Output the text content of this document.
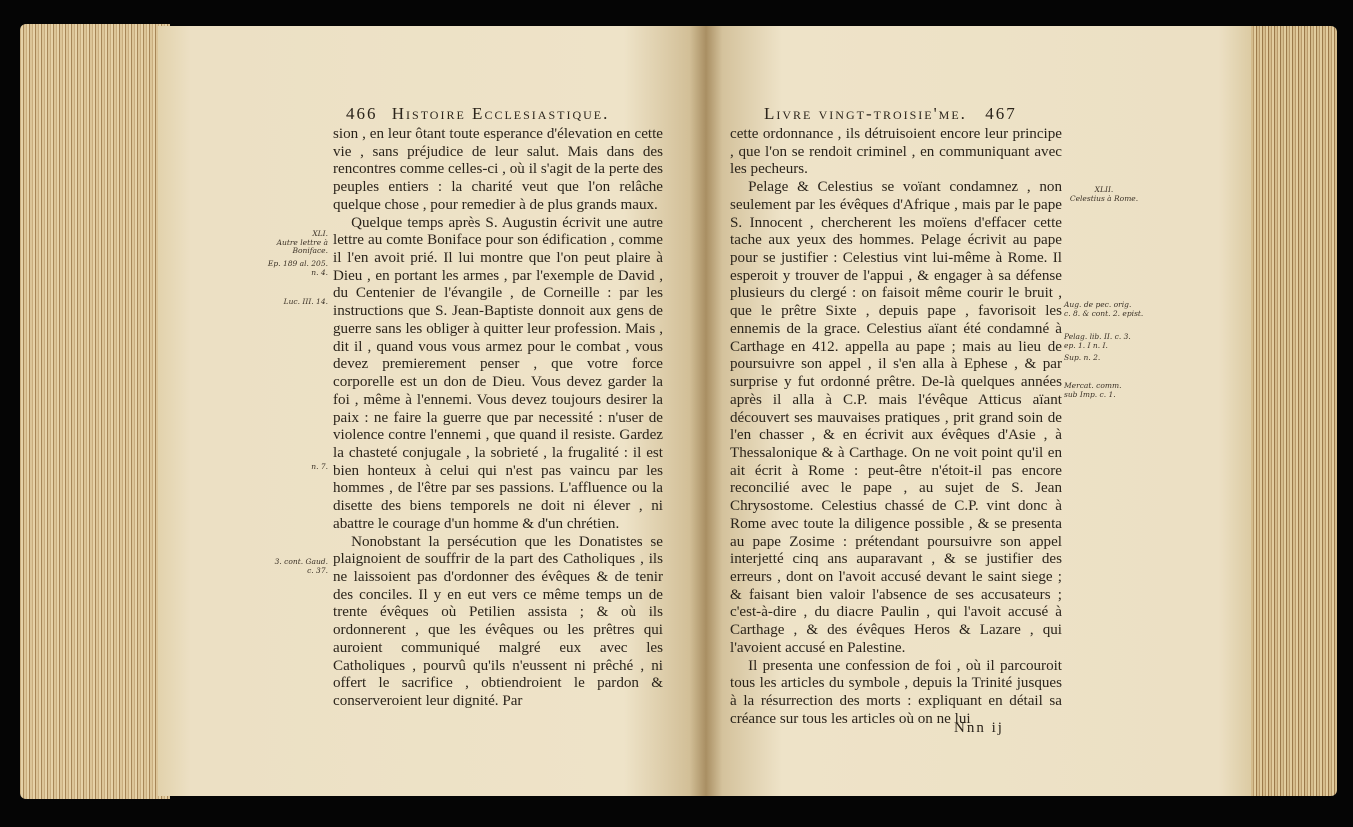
466 Histoire Ecclesiastique.
XLI.
Autre lettre à Boniface.
Ep. 189 al. 205.
n. 4.
Luc. III. 14.
n. 7.
3. cont. Gaud.
c. 37.

sion , en leur ôtant toute esperance d'élevation en cette vie , sans préjudice de leur salut. Mais dans des rencontres comme celles-ci , où il s'agit de la perte des peuples entiers : la charité veut que l'on relâche quelque chose , pour remedier à de plus grands maux.

Quelque temps après S. Augustin écrivit une autre lettre au comte Boniface pour son édification , comme il l'en avoit prié. Il lui montre que l'on peut plaire à Dieu , en portant les armes , par l'exemple de David , du Centenier de l'évangile , de Corneille : par les instructions que S. Jean-Baptiste donnoit aux gens de guerre sans les obliger à quitter leur profession. Mais , dit il , quand vous vous armez pour le combat , vous devez premierement penser , que votre force corporelle est un don de Dieu. Vous devez garder la foi , même à l'ennemi. Vous devez toujours desirer la paix : ne faire la guerre que par necessité : n'user de violence contre l'ennemi , que quand il resiste. Gardez la chasteté conjugale , la sobrieté , la frugalité : il est bien honteux à celui qui n'est pas vaincu par les hommes , de l'être par ses passions. L'affluence ou la disette des biens temporels ne doit ni élever , ni abattre le courage d'un homme & d'un chrétien.

Nonobstant la persécution que les Donatistes se plaignoient de souffrir de la part des Catholiques , ils ne laissoient pas d'ordonner des évêques & de tenir des conciles. Il y en eut vers ce même temps un de trente évêques où Petilien assista ; & où ils ordonnerent , que les évêques ou les prêtres qui auroient communiqué malgré eux avec les Catholiques , pourvû qu'ils n'eussent ni prêché , ni offert le sacrifice , obtiendroient le pardon & conserveroient leur dignité. Par

Livre vingt-troisie'me. 467

cette ordonnance , ils détruisoient encore leur principe , que l'on se rendoit criminel , en communiquant avec les pecheurs.

Pelage & Celestius se voïant condamnez , non seulement par les évêques d'Afrique , mais par le pape S. Innocent , chercherent les moïens d'effacer cette tache aux yeux des hommes. Pelage écrivit au pape pour se justifier : Celestius vint lui-même à Rome. Il esperoit y trouver de l'appui , & engager à sa défense plusieurs du clergé : on faisoit même courir le bruit , que le prêtre Sixte , depuis pape , favorisoit les ennemis de la grace. Celestius aïant été condamné à Carthage en 412. appella au pape ; mais au lieu de poursuivre son appel , il s'en alla à Ephese , & par surprise y fut ordonné prêtre. De-là quelques années après il alla à C.P. mais l'évêque Atticus aïant découvert ses mauvaises pratiques , prit grand soin de l'en chasser , & en écrivit aux évêques d'Asie , à Thessalonique & à Carthage. On ne voit point qu'il en ait écrit à Rome : peut-être n'étoit-il pas encore reconcilié avec le pape , au sujet de S. Jean Chrysostome. Celestius chassé de C.P. vint donc à Rome avec toute la diligence possible , & se presenta au pape Zosime : prétendant poursuivre son appel interjetté cinq ans auparavant , & se justifier des erreurs , dont on l'avoit accusé devant le saint siege ; & faisant bien valoir l'absence de ses accusateurs ; c'est-à-dire , du diacre Paulin , qui l'avoit accusé à Carthage , & des évêques Heros & Lazare , qui l'avoient accusé en Palestine.

Il presenta une confession de foi , où il parcouroit tous les articles du symbole , depuis la Trinité jusques à la résurrection des morts : expliquant en détail sa créance sur tous les articles où on ne lui

XLII.
Celestius à Rome.
Aug. de pec. orig.
c. 8. & cont. 2. epist.
Pelag. lib. II. c. 3.
ep. 1. I n. I.
Sup. n. 2.
Mercat. comm.
sub Imp. c. 1.
Nnn ij
